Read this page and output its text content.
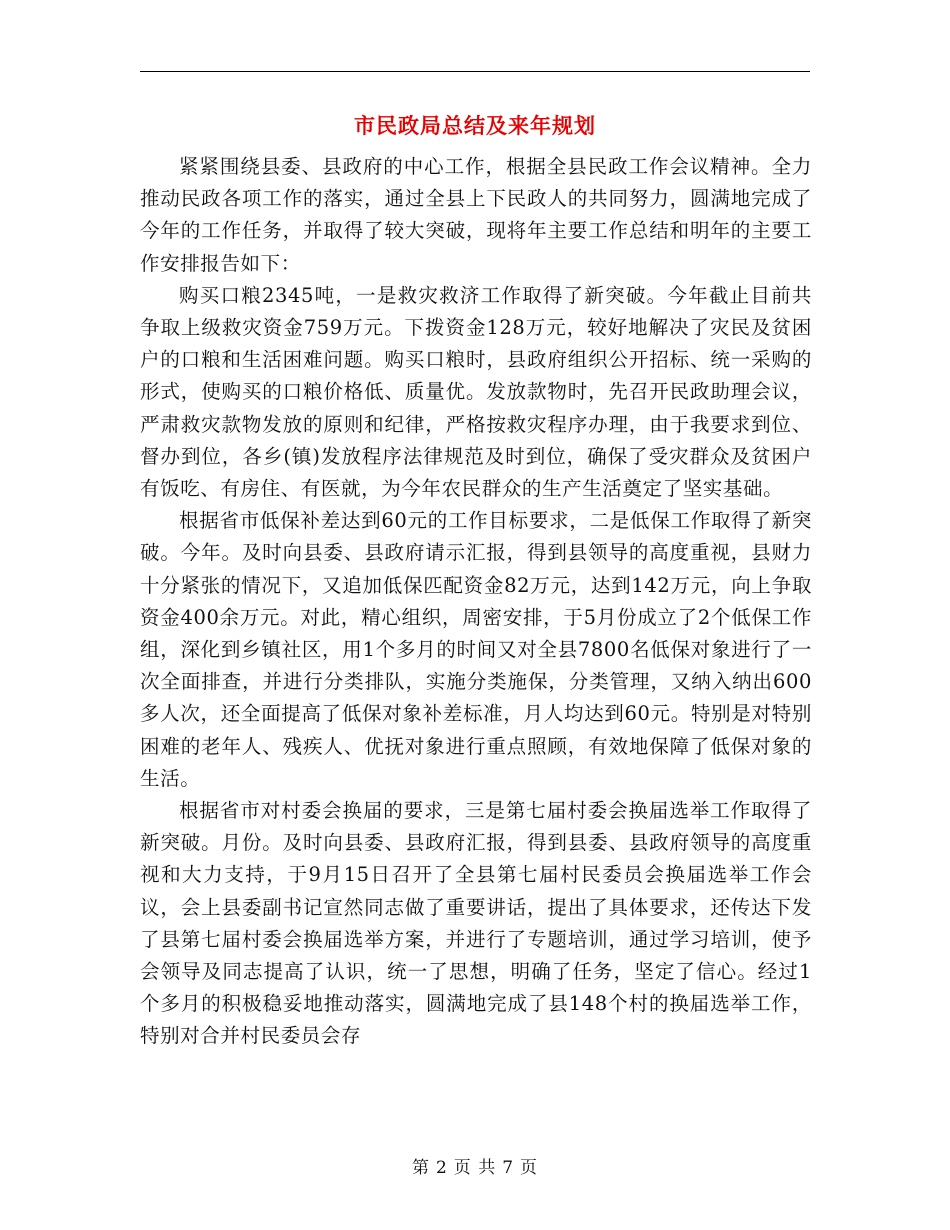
市民政局总结及来年规划

紧紧围绕县委、县政府的中心工作，根据全县民政工作会议精神。全力推动民政各项工作的落实，通过全县上下民政人的共同努力，圆满地完成了今年的工作任务，并取得了较大突破，现将年主要工作总结和明年的主要工作安排报告如下：

购买口粮2345吨，一是救灾救济工作取得了新突破。今年截止目前共争取上级救灾资金759万元。下拨资金128万元，较好地解决了灾民及贫困户的口粮和生活困难问题。购买口粮时，县政府组织公开招标、统一采购的形式，使购买的口粮价格低、质量优。发放款物时，先召开民政助理会议，严肃救灾款物发放的原则和纪律，严格按救灾程序办理，由于我要求到位、督办到位，各乡(镇)发放程序法律规范及时到位，确保了受灾群众及贫困户有饭吃、有房住、有医就，为今年农民群众的生产生活奠定了坚实基础。

根据省市低保补差达到60元的工作目标要求，二是低保工作取得了新突破。今年。及时向县委、县政府请示汇报，得到县领导的高度重视，县财力十分紧张的情况下，又追加低保匹配资金82万元，达到142万元，向上争取资金400余万元。对此，精心组织，周密安排，于5月份成立了2个低保工作组，深化到乡镇社区，用1个多月的时间又对全县7800名低保对象进行了一次全面排查，并进行分类排队，实施分类施保，分类管理，又纳入纳出600多人次，还全面提高了低保对象补差标准，月人均达到60元。特别是对特别困难的老年人、残疾人、优抚对象进行重点照顾，有效地保障了低保对象的生活。

根据省市对村委会换届的要求，三是第七届村委会换届选举工作取得了新突破。月份。及时向县委、县政府汇报，得到县委、县政府领导的高度重视和大力支持，于9月15日召开了全县第七届村民委员会换届选举工作会议，会上县委副书记宣然同志做了重要讲话，提出了具体要求，还传达下发了县第七届村委会换届选举方案，并进行了专题培训，通过学习培训，使予会领导及同志提高了认识，统一了思想，明确了任务，坚定了信心。经过1个多月的积极稳妥地推动落实，圆满地完成了县148个村的换届选举工作，特别对合并村民委员会存

第 2 页 共 7 页
